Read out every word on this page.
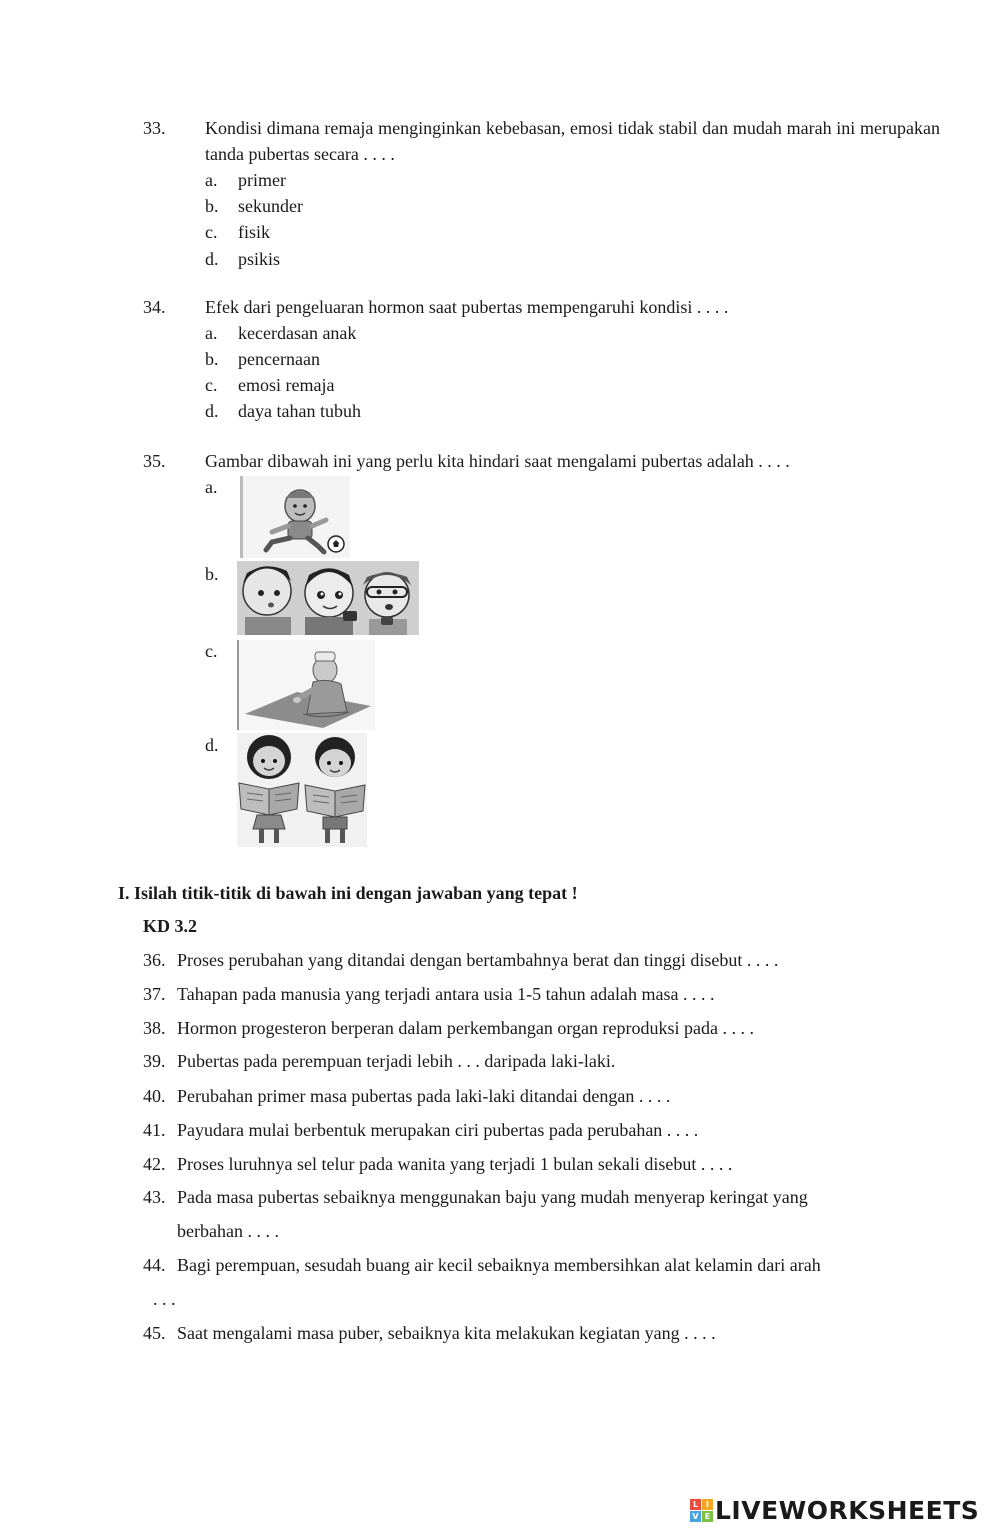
33. Kondisi dimana remaja menginginkan kebebasan, emosi tidak stabil dan mudah marah ini merupakan tanda pubertas secara . . . .
a. primer
b. sekunder
c. fisik
d. psikis
34. Efek dari pengeluaran hormon saat pubertas mempengaruhi kondisi . . . .
a. kecerdasan anak
b. pencernaan
c. emosi remaja
d. daya tahan tubuh
35. Gambar dibawah ini yang perlu kita hindari saat mengalami pubertas adalah . . . .
a.
b.
c.
d.
I. Isilah titik-titik di bawah ini dengan jawaban yang tepat !
KD 3.2
36. Proses perubahan yang ditandai dengan bertambahnya berat dan tinggi disebut . . . .
37. Tahapan pada manusia yang terjadi antara usia 1-5 tahun adalah masa . . . .
38. Hormon progesteron berperan dalam perkembangan organ reproduksi pada . . . .
39. Pubertas pada perempuan terjadi lebih . . . daripada laki-laki.
40. Perubahan primer masa pubertas pada laki-laki ditandai dengan . . . .
41. Payudara mulai berbentuk merupakan ciri pubertas pada perubahan . . . .
42. Proses luruhnya sel telur pada wanita yang terjadi 1 bulan sekali disebut . . . .
43. Pada masa pubertas sebaiknya menggunakan baju yang mudah menyerap keringat yang
berbahan . . . .
44. Bagi perempuan, sesudah buang air kecil sebaiknya membersihkan alat kelamin dari arah
. . .
45. Saat mengalami masa puber, sebaiknya kita melakukan kegiatan yang . . . .
L I
V E LIVEWORKSHEETS
